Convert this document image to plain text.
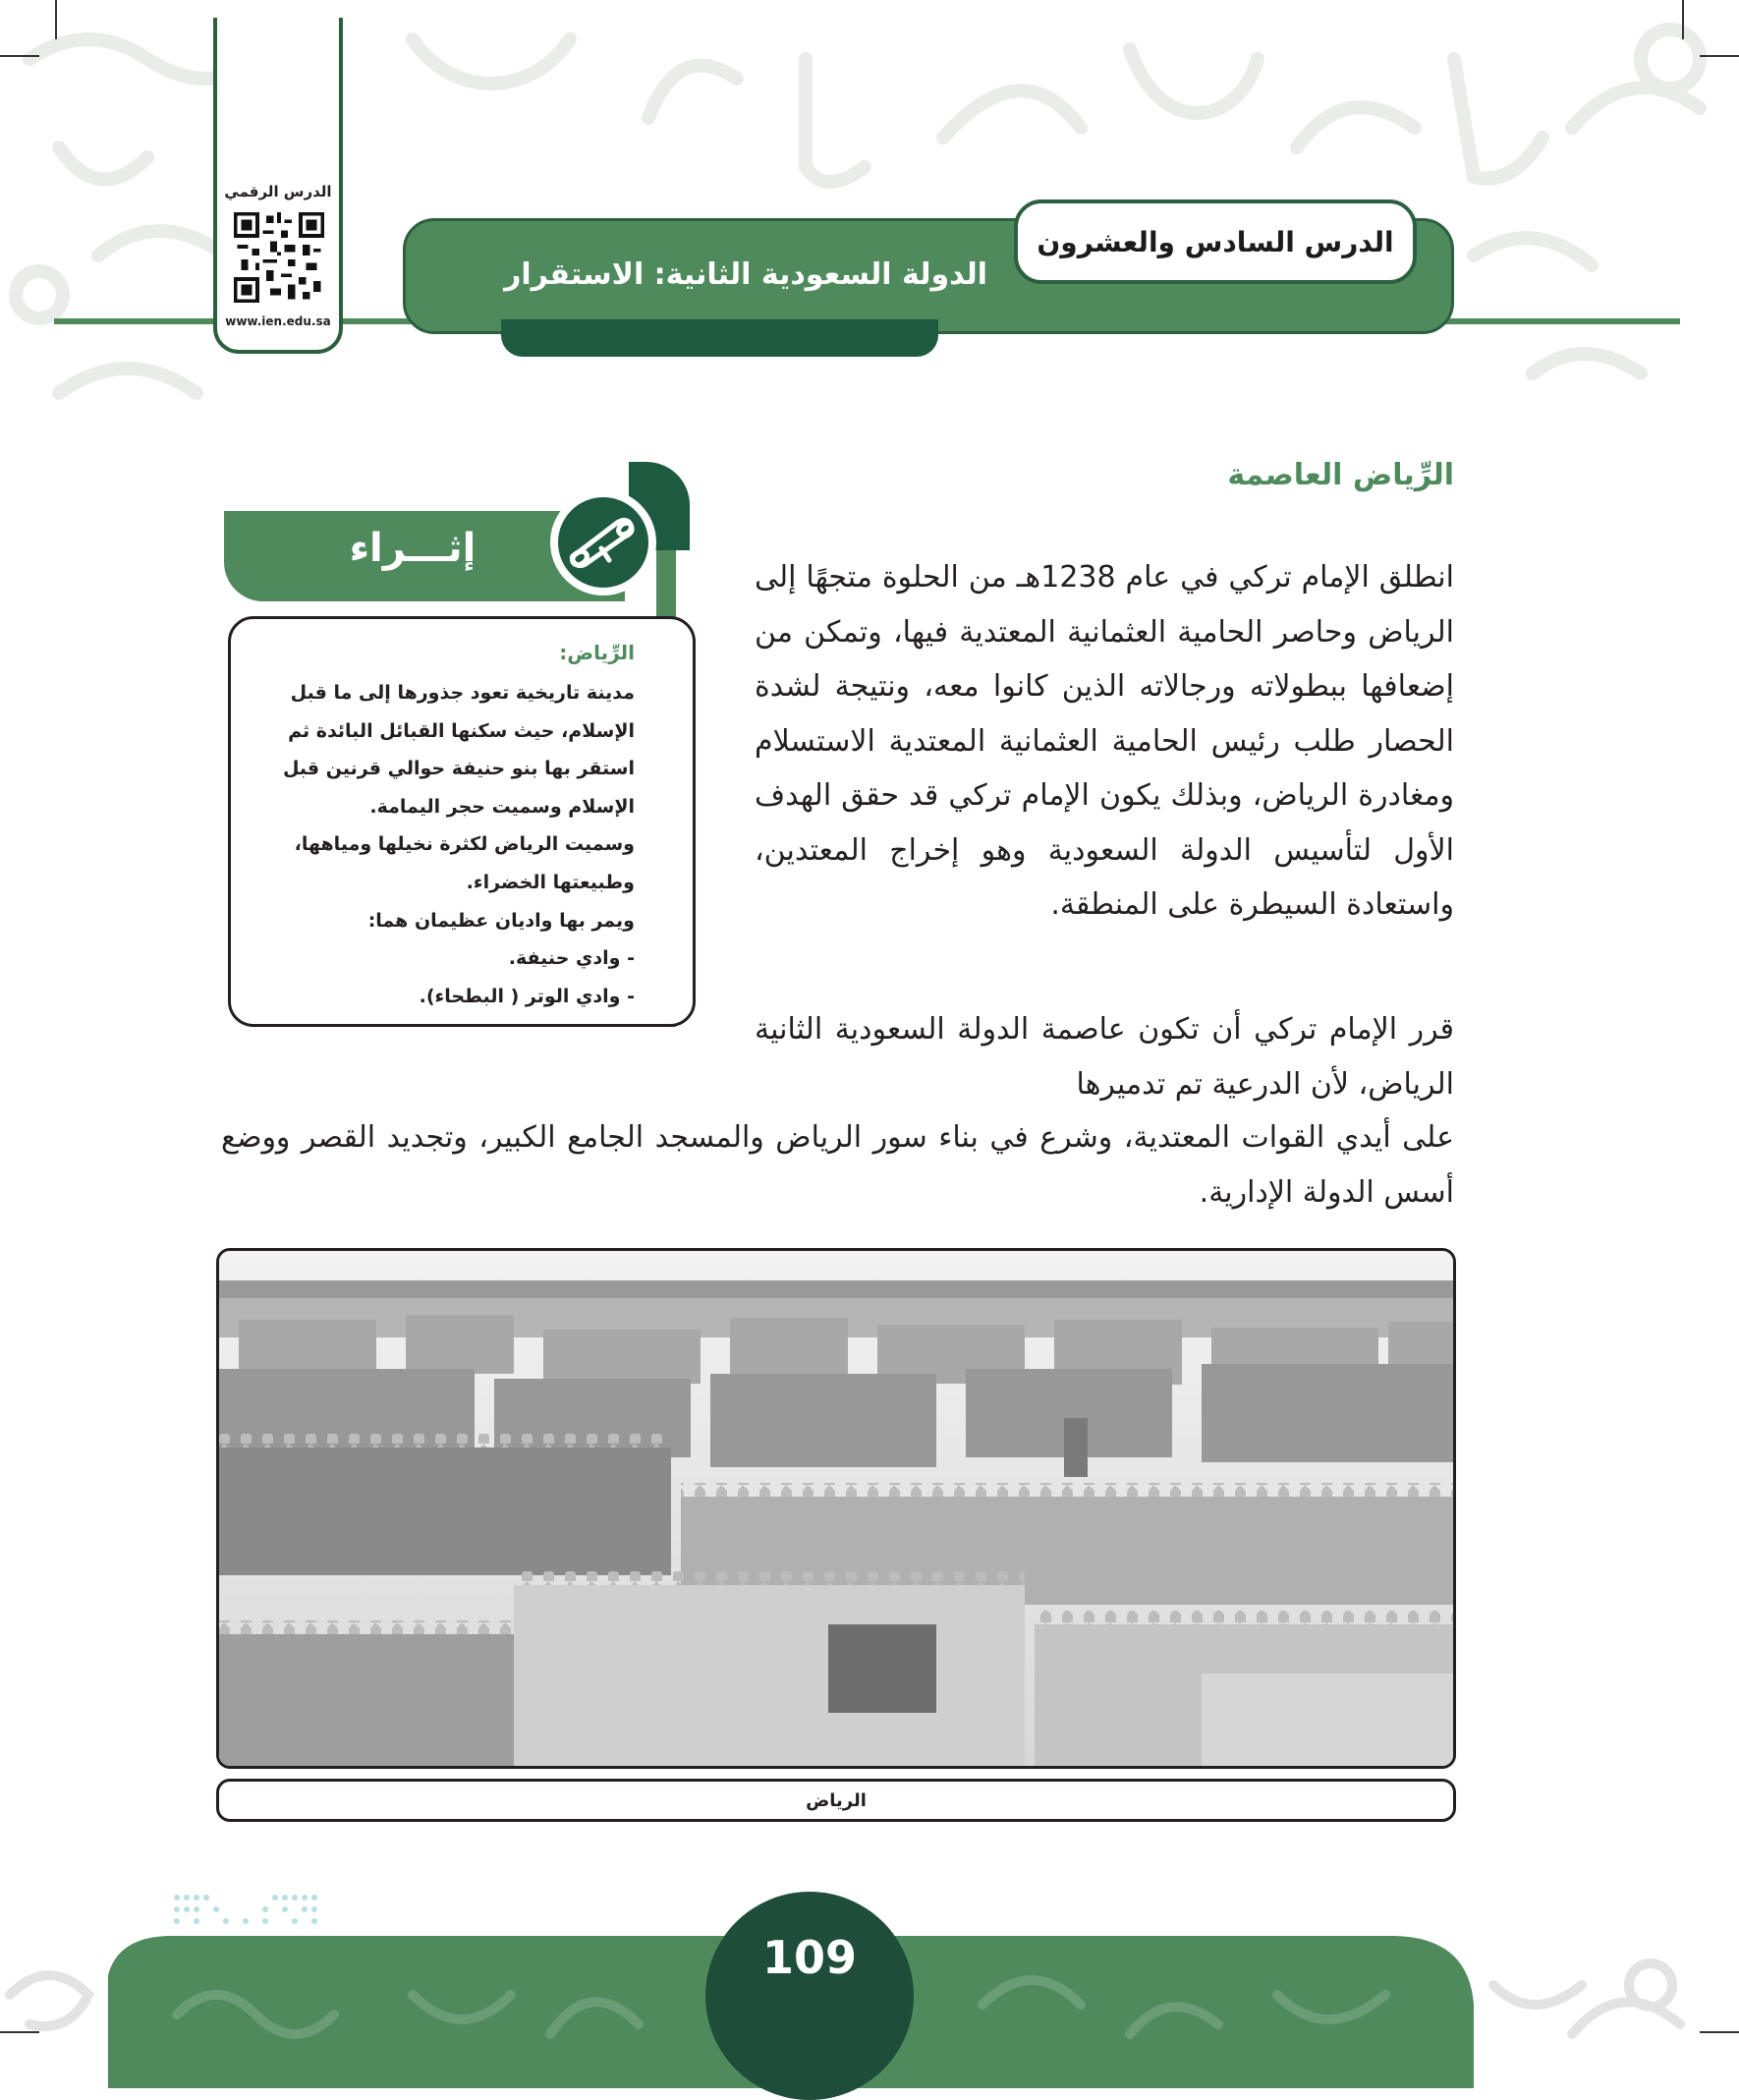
الدولة السعودية الثانية: الاستقرار
الدرس السادس والعشرون
الدرس الرقمي
www.ien.edu.sa
الرِّياض العاصمة

انطلق الإمام تركي في عام 1238هـ من الحلوة متجهًا إلى الرياض وحاصر الحامية العثمانية المعتدية فيها، وتمكن من إضعافها ببطولاته ورجالاته الذين كانوا معه، ونتيجة لشدة الحصار طلب رئيس الحامية العثمانية المعتدية الاستسلام ومغادرة الرياض، وبذلك يكون الإمام تركي قد حقق الهدف الأول لتأسيس الدولة السعودية وهو إخراج المعتدين، واستعادة السيطرة على المنطقة.

قرر الإمام تركي أن تكون عاصمة الدولة السعودية الثانية الرياض، لأن الدرعية تم تدميرها

على أيدي القوات المعتدية، وشرع في بناء سور الرياض والمسجد الجامع الكبير، وتجديد القصر ووضع أسس الدولة الإدارية.

إثـــراء
الرِّياض:
مدينة تاريخية تعود جذورها إلى ما قبل
الإسلام، حيث سكنها القبائل البائدة ثم
استقر بها بنو حنيفة حوالي قرنين قبل
الإسلام وسميت حجر اليمامة.
وسميت الرياض لكثرة نخيلها ومياهها،
وطبيعتها الخضراء.
ويمر بها واديان عظيمان هما:
- وادي حنيفة.
- وادي الوتر ( البطحاء).
الرياض
109
